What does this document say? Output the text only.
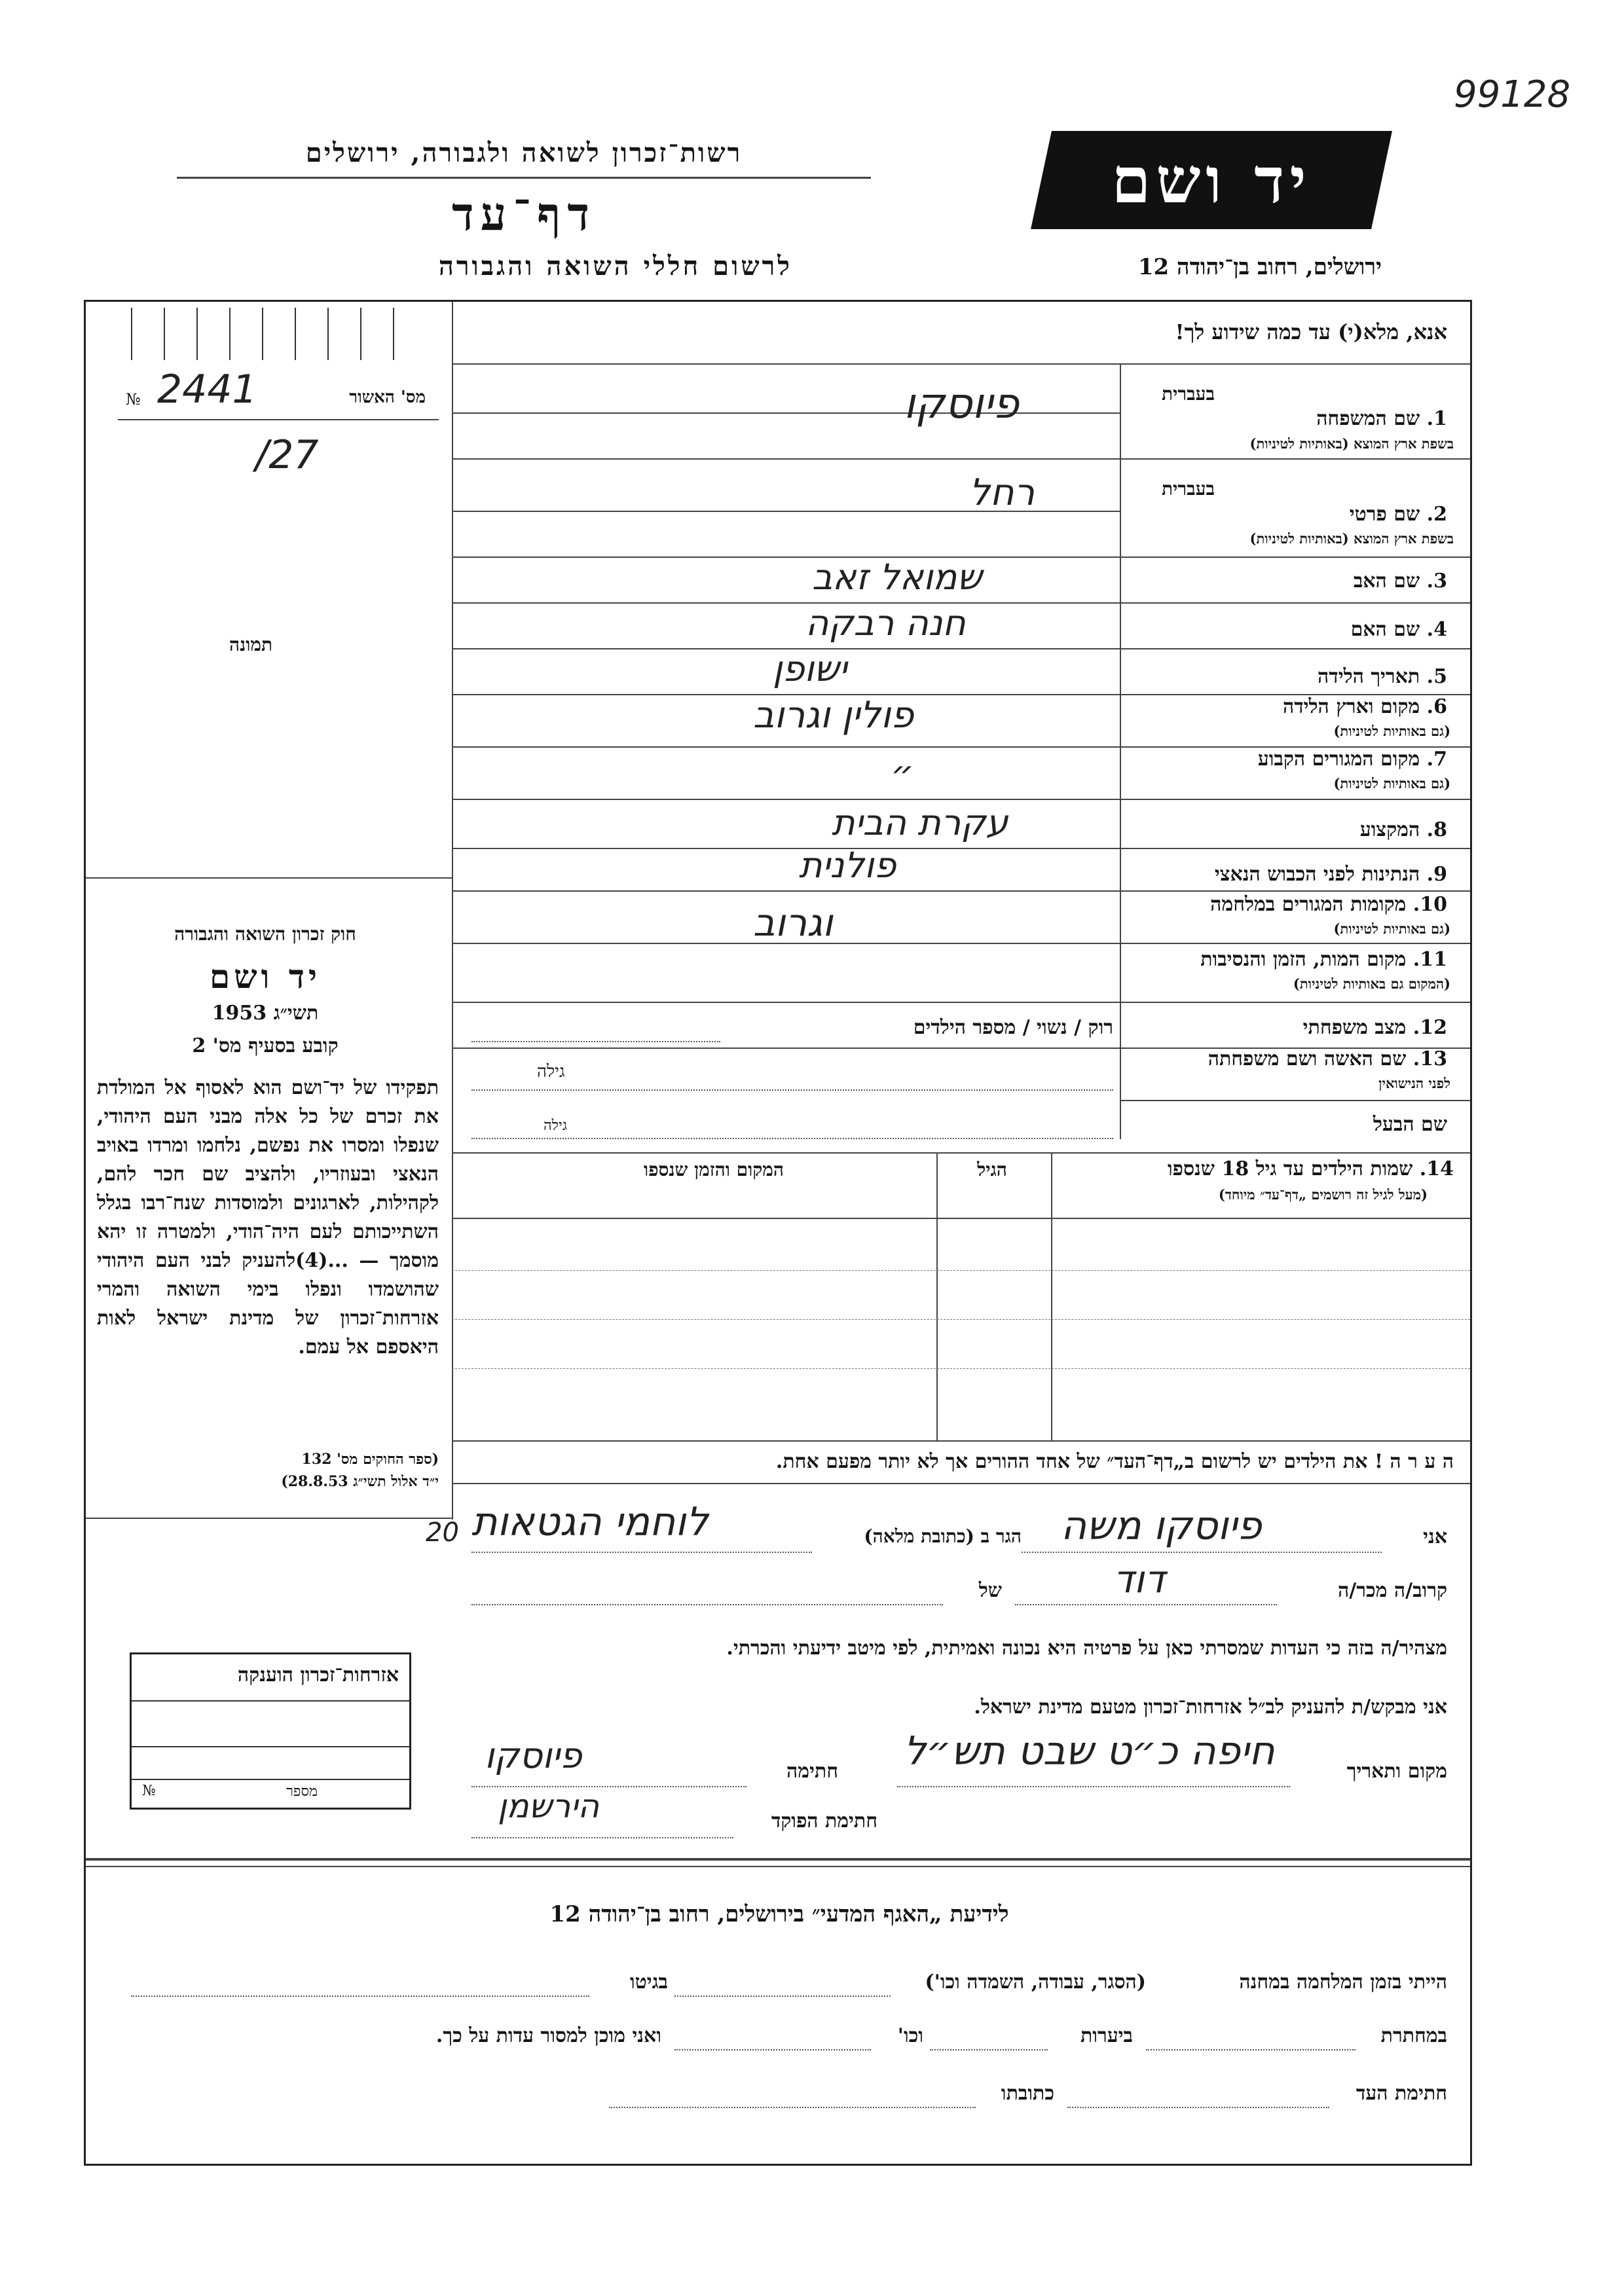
99128
יד ושם
ירושלים, רחוב בן־יהודה 12
רשות־זכרון לשואה ולגבורה, ירושלים
דף־עד
לרשום חללי השואה והגבורה
מס' האשור
№ 2441
/27
תמונה
חוק זכרון השואה והגבורה
יד ושם
תשי״ג 1953
קובע בסעיף מס' 2
תפקידו של יד־ושם הוא לאסוף אל המולדת את זכרם של כל אלה מבני העם היהודי, שנפלו ומסרו את נפשם, נלחמו ומרדו באויב הנאצי ובעוזריו, ולהציב שם חכר להם, לקהילות, לארגונים ולמוסדות שנח־רבו בגלל השתייכותם לעם היה־הודי, ולמטרה זו יהא מוסמך — ...(4)להעניק לבני העם היהודי שהושמדו ונפלו בימי השואה והמרי אזרחות־זכרון של מדינת ישראל לאות היאספם אל עמם.
(ספר החוקים מס' 132
י״ד אלול תשי״ג 28.8.53)
אזרחות־זכרון הוענקה
מספר
№
אנא, מלא(י) עד כמה שידוע לך!
בעברית
1. שם המשפחה
בשפת ארץ המוצא (באותיות לטיניות)
פיוסקו
בעברית
2. שם פרטי
בשפת ארץ המוצא (באותיות לטיניות)
רחל
3. שם האב
שמואל זאב
4. שם האם
חנה רבקה
5. תאריך הלידה
ישופן
6. מקום וארץ הלידה
(גם באותיות לטיניות)
פולין וגרוב
7. מקום המגורים הקבוע
(גם באותיות לטיניות)
״
8. המקצוע
עקרת הבית
9. הנתינות לפני הכבוש הנאצי
פולנית
10. מקומות המגורים במלחמה
(גם באותיות לטיניות)
וגרוב
11. מקום המות, הזמן והנסיבות
(המקום גם באותיות לטיניות)
12. מצב משפחתי
רוק / נשוי / מספר הילדים
13. שם האשה ושם משפחתה
לפני הנישואין
גילה
שם הבעל
גילה
14. שמות הילדים עד גיל 18 שנספו
(מעל לגיל זה רושמים „דף־עד״ מיוחד)
הגיל
המקום והזמן שנספו
ה ע ר ה ! את הילדים יש לרשום ב„דף־העד״ של אחד ההורים אך לא יותר מפעם אחת.
אני
פיוסקו משה
הגר ב (כתובת מלאה)
לוחמי הגטאות
20
קרוב/ה מכר/ה
דוד
של
מצהיר/ה בזה כי העדות שמסרתי כאן על פרטיה היא נכונה ואמיתית, לפי מיטב ידיעתי והכרתי.
אני מבקש/ת להעניק לב״ל אזרחות־זכרון מטעם מדינת ישראל.
מקום ותאריך
חיפה כ״ט שבט תש״ל
חתימה
פיוסקו
חתימת הפוקד
הירשמן
לידיעת „האגף המדעי״ בירושלים, רחוב בן־יהודה 12
הייתי בזמן המלחמה במחנה
(הסגר, עבודה, השמדה וכו')
בגיטו
במחתרת
ביערות
וכו'
ואני מוכן למסור עדות על כך.
חתימת העד
כתובתו
